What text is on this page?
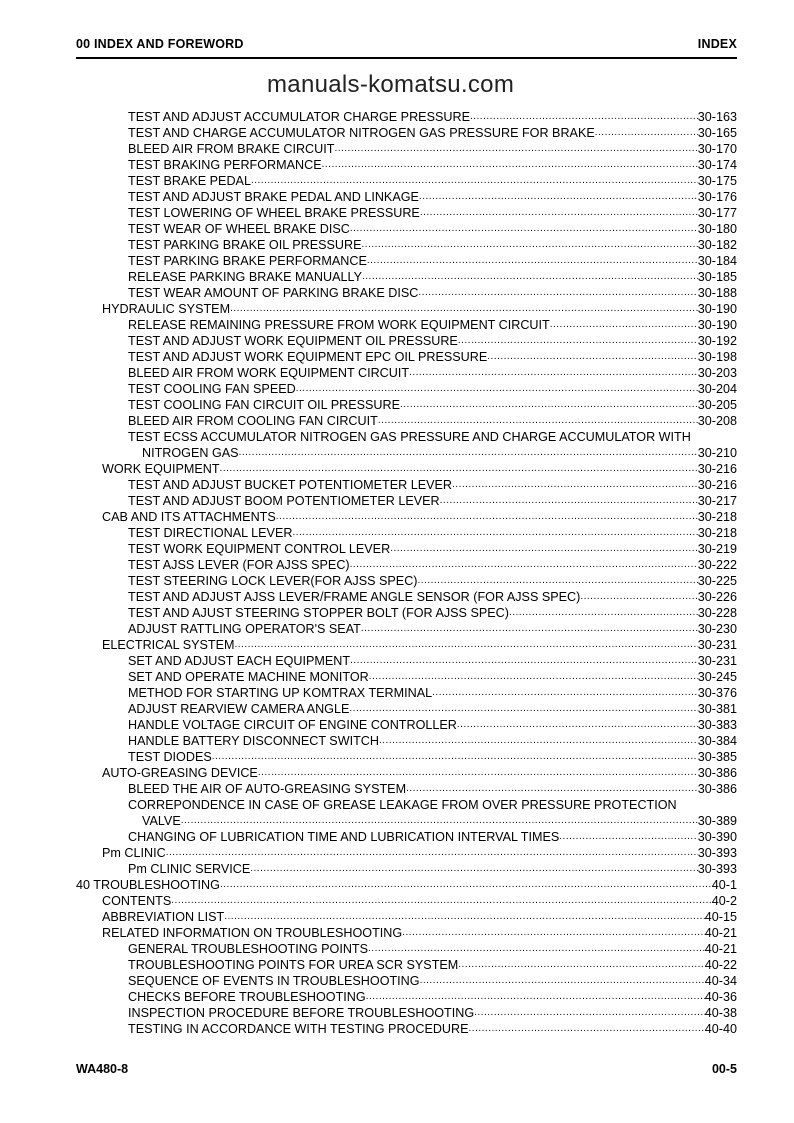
00 INDEX AND FOREWORD	INDEX
manuals-komatsu.com
TEST AND ADJUST ACCUMULATOR CHARGE PRESSURE .....	30-163
TEST AND CHARGE ACCUMULATOR NITROGEN GAS PRESSURE FOR BRAKE .....	30-165
BLEED AIR FROM BRAKE CIRCUIT .....	30-170
TEST BRAKING PERFORMANCE .....	30-174
TEST BRAKE PEDAL .....	30-175
TEST AND ADJUST BRAKE PEDAL AND LINKAGE .....	30-176
TEST LOWERING OF WHEEL BRAKE PRESSURE .....	30-177
TEST WEAR OF WHEEL BRAKE DISC .....	30-180
TEST PARKING BRAKE OIL PRESSURE .....	30-182
TEST PARKING BRAKE PERFORMANCE .....	30-184
RELEASE PARKING BRAKE MANUALLY .....	30-185
TEST WEAR AMOUNT OF PARKING BRAKE DISC .....	30-188
HYDRAULIC SYSTEM .....	30-190
RELEASE REMAINING PRESSURE FROM WORK EQUIPMENT CIRCUIT .....	30-190
TEST AND ADJUST WORK EQUIPMENT OIL PRESSURE .....	30-192
TEST AND ADJUST WORK EQUIPMENT EPC OIL PRESSURE .....	30-198
BLEED AIR FROM WORK EQUIPMENT CIRCUIT .....	30-203
TEST COOLING FAN SPEED .....	30-204
TEST COOLING FAN CIRCUIT OIL PRESSURE .....	30-205
BLEED AIR FROM COOLING FAN CIRCUIT .....	30-208
TEST ECSS ACCUMULATOR NITROGEN GAS PRESSURE AND CHARGE ACCUMULATOR WITH
NITROGEN GAS .....	30-210
WORK EQUIPMENT .....	30-216
TEST AND ADJUST BUCKET POTENTIOMETER LEVER .....	30-216
TEST AND ADJUST BOOM POTENTIOMETER LEVER .....	30-217
CAB AND ITS ATTACHMENTS .....	30-218
TEST DIRECTIONAL LEVER .....	30-218
TEST WORK EQUIPMENT CONTROL LEVER .....	30-219
TEST AJSS LEVER (FOR AJSS SPEC) .....	30-222
TEST STEERING LOCK LEVER(FOR AJSS SPEC) .....	30-225
TEST AND ADJUST AJSS LEVER/FRAME ANGLE SENSOR (FOR AJSS SPEC) .....	30-226
TEST AND AJUST STEERING STOPPER BOLT (FOR AJSS SPEC) .....	30-228
ADJUST RATTLING OPERATOR'S SEAT .....	30-230
ELECTRICAL SYSTEM .....	30-231
SET AND ADJUST EACH EQUIPMENT .....	30-231
SET AND OPERATE MACHINE MONITOR .....	30-245
METHOD FOR STARTING UP KOMTRAX TERMINAL .....	30-376
ADJUST REARVIEW CAMERA ANGLE .....	30-381
HANDLE VOLTAGE CIRCUIT OF ENGINE CONTROLLER .....	30-383
HANDLE BATTERY DISCONNECT SWITCH .....	30-384
TEST DIODES .....	30-385
AUTO-GREASING DEVICE .....	30-386
BLEED THE AIR OF AUTO-GREASING SYSTEM .....	30-386
CORREPONDENCE IN CASE OF GREASE LEAKAGE FROM OVER PRESSURE PROTECTION
VALVE .....	30-389
CHANGING OF LUBRICATION TIME AND LUBRICATION INTERVAL TIMES .....	30-390
Pm CLINIC .....	30-393
Pm CLINIC SERVICE .....	30-393
40 TROUBLESHOOTING .....	40-1
CONTENTS .....	40-2
ABBREVIATION LIST .....	40-15
RELATED INFORMATION ON TROUBLESHOOTING .....	40-21
GENERAL TROUBLESHOOTING POINTS .....	40-21
TROUBLESHOOTING POINTS FOR UREA SCR SYSTEM .....	40-22
SEQUENCE OF EVENTS IN TROUBLESHOOTING .....	40-34
CHECKS BEFORE TROUBLESHOOTING .....	40-36
INSPECTION PROCEDURE BEFORE TROUBLESHOOTING .....	40-38
TESTING IN ACCORDANCE WITH TESTING PROCEDURE .....	40-40
WA480-8	00-5
